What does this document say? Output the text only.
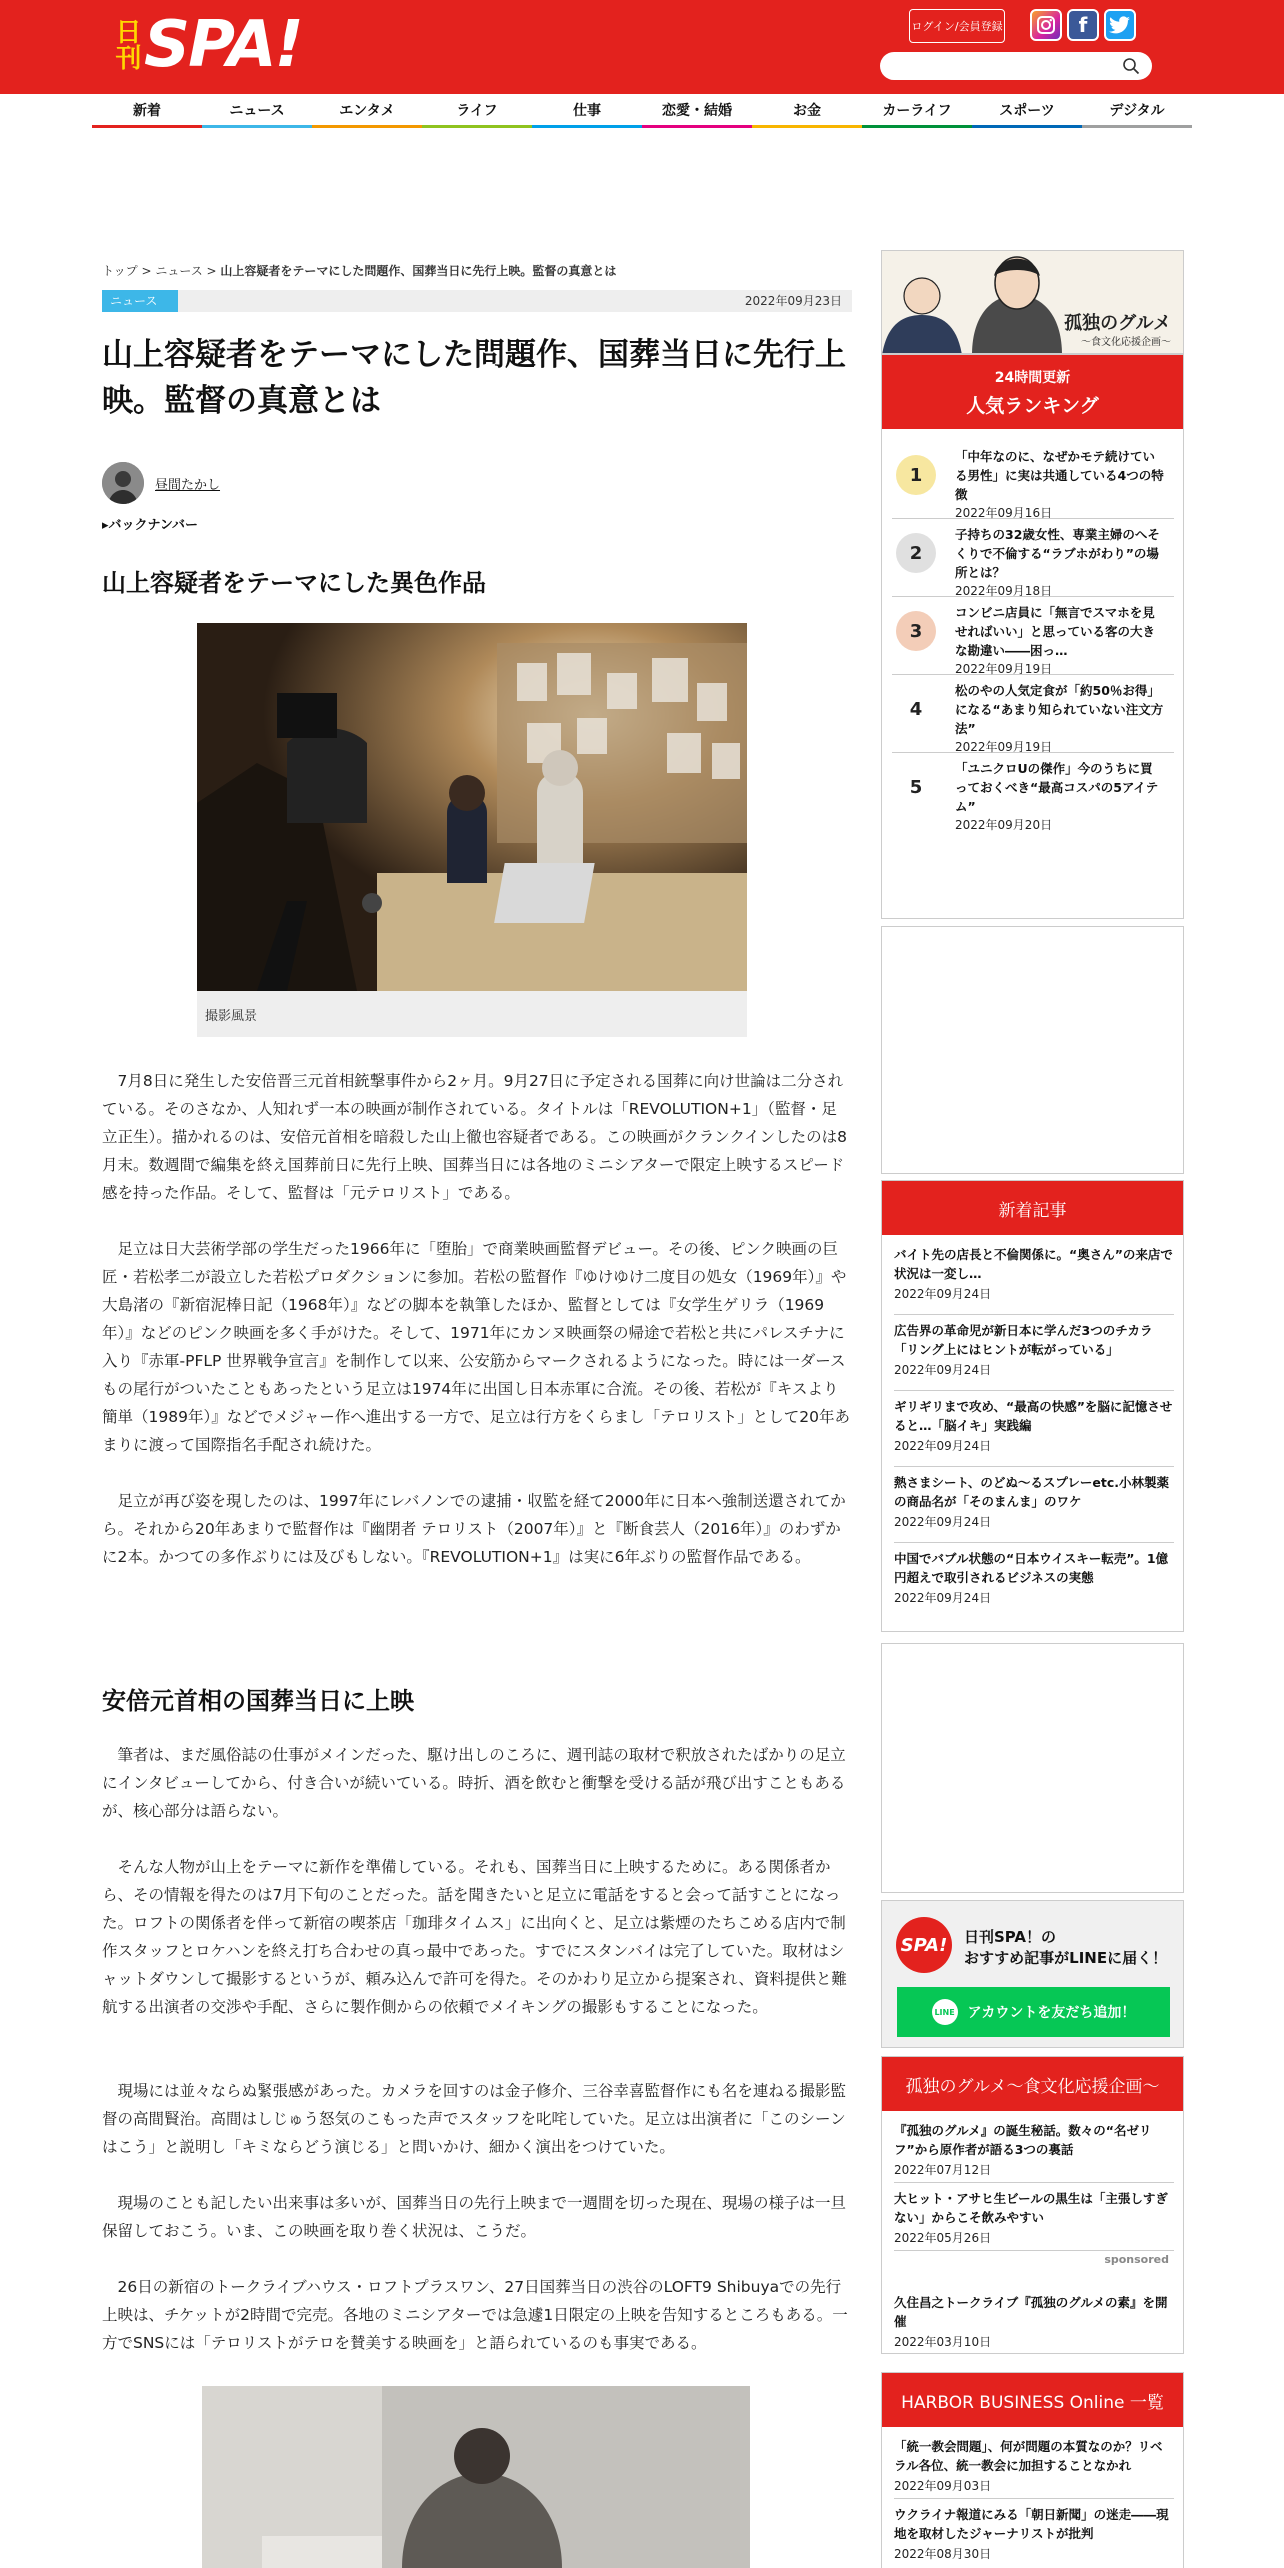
日刊 SPA!	ログイン/会員登録	f
新着	ニュース	エンタメ	ライフ	仕事	恋愛・結婚	お金	カーライフ	スポーツ	デジタル
トップ > ニュース > 山上容疑者をテーマにした問題作、国葬当日に先行上映。監督の真意とは
ニュース	2022年09月23日
山上容疑者をテーマにした問題作、国葬当日に先行上映。監督の真意とは
昼間たかし
▸バックナンバー
山上容疑者をテーマにした異色作品
撮影風景

7月8日に発生した安倍晋三元首相銃撃事件から2ヶ月。9月27日に予定される国葬に向け世論は二分されている。そのさなか、人知れず一本の映画が制作されている。タイトルは「REVOLUTION+1」（監督・足立正生）。描かれるのは、安倍元首相を暗殺した山上徹也容疑者である。この映画がクランクインしたのは8月末。数週間で編集を終え国葬前日に先行上映、国葬当日には各地のミニシアターで限定上映するスピード感を持った作品。そして、監督は「元テロリスト」である。

足立は日大芸術学部の学生だった1966年に「堕胎」で商業映画監督デビュー。その後、ピンク映画の巨匠・若松孝二が設立した若松プロダクションに参加。若松の監督作『ゆけゆけ二度目の処女（1969年）』や大島渚の『新宿泥棒日記（1968年）』などの脚本を執筆したほか、監督としては『女学生ゲリラ（1969年）』などのピンク映画を多く手がけた。そして、1971年にカンヌ映画祭の帰途で若松と共にパレスチナに入り『赤軍-PFLP 世界戦争宣言』を制作して以来、公安筋からマークされるようになった。時には一ダースもの尾行がついたこともあったという足立は1974年に出国し日本赤軍に合流。その後、若松が『キスより簡単（1989年）』などでメジャー作へ進出する一方で、足立は行方をくらまし「テロリスト」として20年あまりに渡って国際指名手配され続けた。

足立が再び姿を現したのは、1997年にレバノンでの逮捕・収監を経て2000年に日本へ強制送還されてから。それから20年あまりで監督作は『幽閉者 テロリスト（2007年）』と『断食芸人（2016年）』のわずかに2本。かつての多作ぶりには及びもしない。『REVOLUTION+1』は実に6年ぶりの監督作品である。

安倍元首相の国葬当日に上映

筆者は、まだ風俗誌の仕事がメインだった、駆け出しのころに、週刊誌の取材で釈放されたばかりの足立にインタビューしてから、付き合いが続いている。時折、酒を飲むと衝撃を受ける話が飛び出すこともあるが、核心部分は語らない。

そんな人物が山上をテーマに新作を準備している。それも、国葬当日に上映するために。ある関係者から、その情報を得たのは7月下旬のことだった。話を聞きたいと足立に電話をすると会って話すことになった。ロフトの関係者を伴って新宿の喫茶店「珈琲タイムス」に出向くと、足立は紫煙のたちこめる店内で制作スタッフとロケハンを終え打ち合わせの真っ最中であった。すでにスタンバイは完了していた。取材はシャットダウンして撮影するというが、頼み込んで許可を得た。そのかわり足立から提案され、資料提供と難航する出演者の交渉や手配、さらに製作側からの依頼でメイキングの撮影もすることになった。

現場には並々ならぬ緊張感があった。カメラを回すのは金子修介、三谷幸喜監督作にも名を連ねる撮影監督の高間賢治。高間はしじゅう怒気のこもった声でスタッフを叱咤していた。足立は出演者に「このシーンはこう」と説明し「キミならどう演じる」と問いかけ、細かく演出をつけていた。

現場のことも記したい出来事は多いが、国葬当日の先行上映まで一週間を切った現在、現場の様子は一旦保留しておこう。いま、この映画を取り巻く状況は、こうだ。

26日の新宿のトークライブハウス・ロフトプラスワン、27日国葬当日の渋谷のLOFT9 Shibuyaでの先行上映は、チケットが2時間で完売。各地のミニシアターでは急遽1日限定の上映を告知するところもある。一方でSNSには「テロリストがテロを賛美する映画を」と語られているのも事実である。

孤独のグルメ
〜食文化応援企画〜
24時間更新
人気ランキング
1
「中年なのに、なぜかモテ続けている男性」に実は共通している4つの特徴
2022年09月16日
2
子持ちの32歳女性、専業主婦のへそくりで不倫する“ラブホがわり”の場所とは？
2022年09月18日
3
コンビニ店員に「無言でスマホを見せればいい」と思っている客の大きな勘違い――困っ…
2022年09月19日
4
松のやの人気定食が「約50％お得」になる“あまり知られていない注文方法”
2022年09月19日
5
「ユニクロUの傑作」今のうちに買っておくべき“最高コスパの5アイテム”
2022年09月20日
新着記事
バイト先の店長と不倫関係に。“奥さん”の来店で状況は一変し…
2022年09月24日
広告界の革命児が新日本に学んだ3つのチカラ「リング上にはヒントが転がっている」
2022年09月24日
ギリギリまで攻め、“最高の快感”を脳に記憶させると…「脳イキ」実践編
2022年09月24日
熱さまシート、のどぬ～るスプレーetc.小林製薬の商品名が「そのまんま」のワケ
2022年09月24日
中国でバブル状態の“日本ウイスキー転売”。1億円超えで取引されるビジネスの実態
2022年09月24日
SPA!	日刊SPA！の
おすすめ記事がLINEに届く！
LINE アカウントを友だち追加！
孤独のグルメ～食文化応援企画～
sponsored
『孤独のグルメ』の誕生秘話。数々の“名ゼリフ”から原作者が語る3つの裏話
2022年07月12日
大ヒット・アサヒ生ビールの黒生は「主張しすぎない」からこそ飲みやすい
2022年05月26日
久住昌之トークライブ『孤独のグルメの素』を開催
2022年03月10日
HARBOR BUSINESS Online 一覧
「統一教会問題」、何が問題の本質なのか？リベラル各位、統一教会に加担することなかれ
2022年09月03日
ウクライナ報道にみる「朝日新聞」の迷走――現地を取材したジャーナリストが批判
2022年08月30日
